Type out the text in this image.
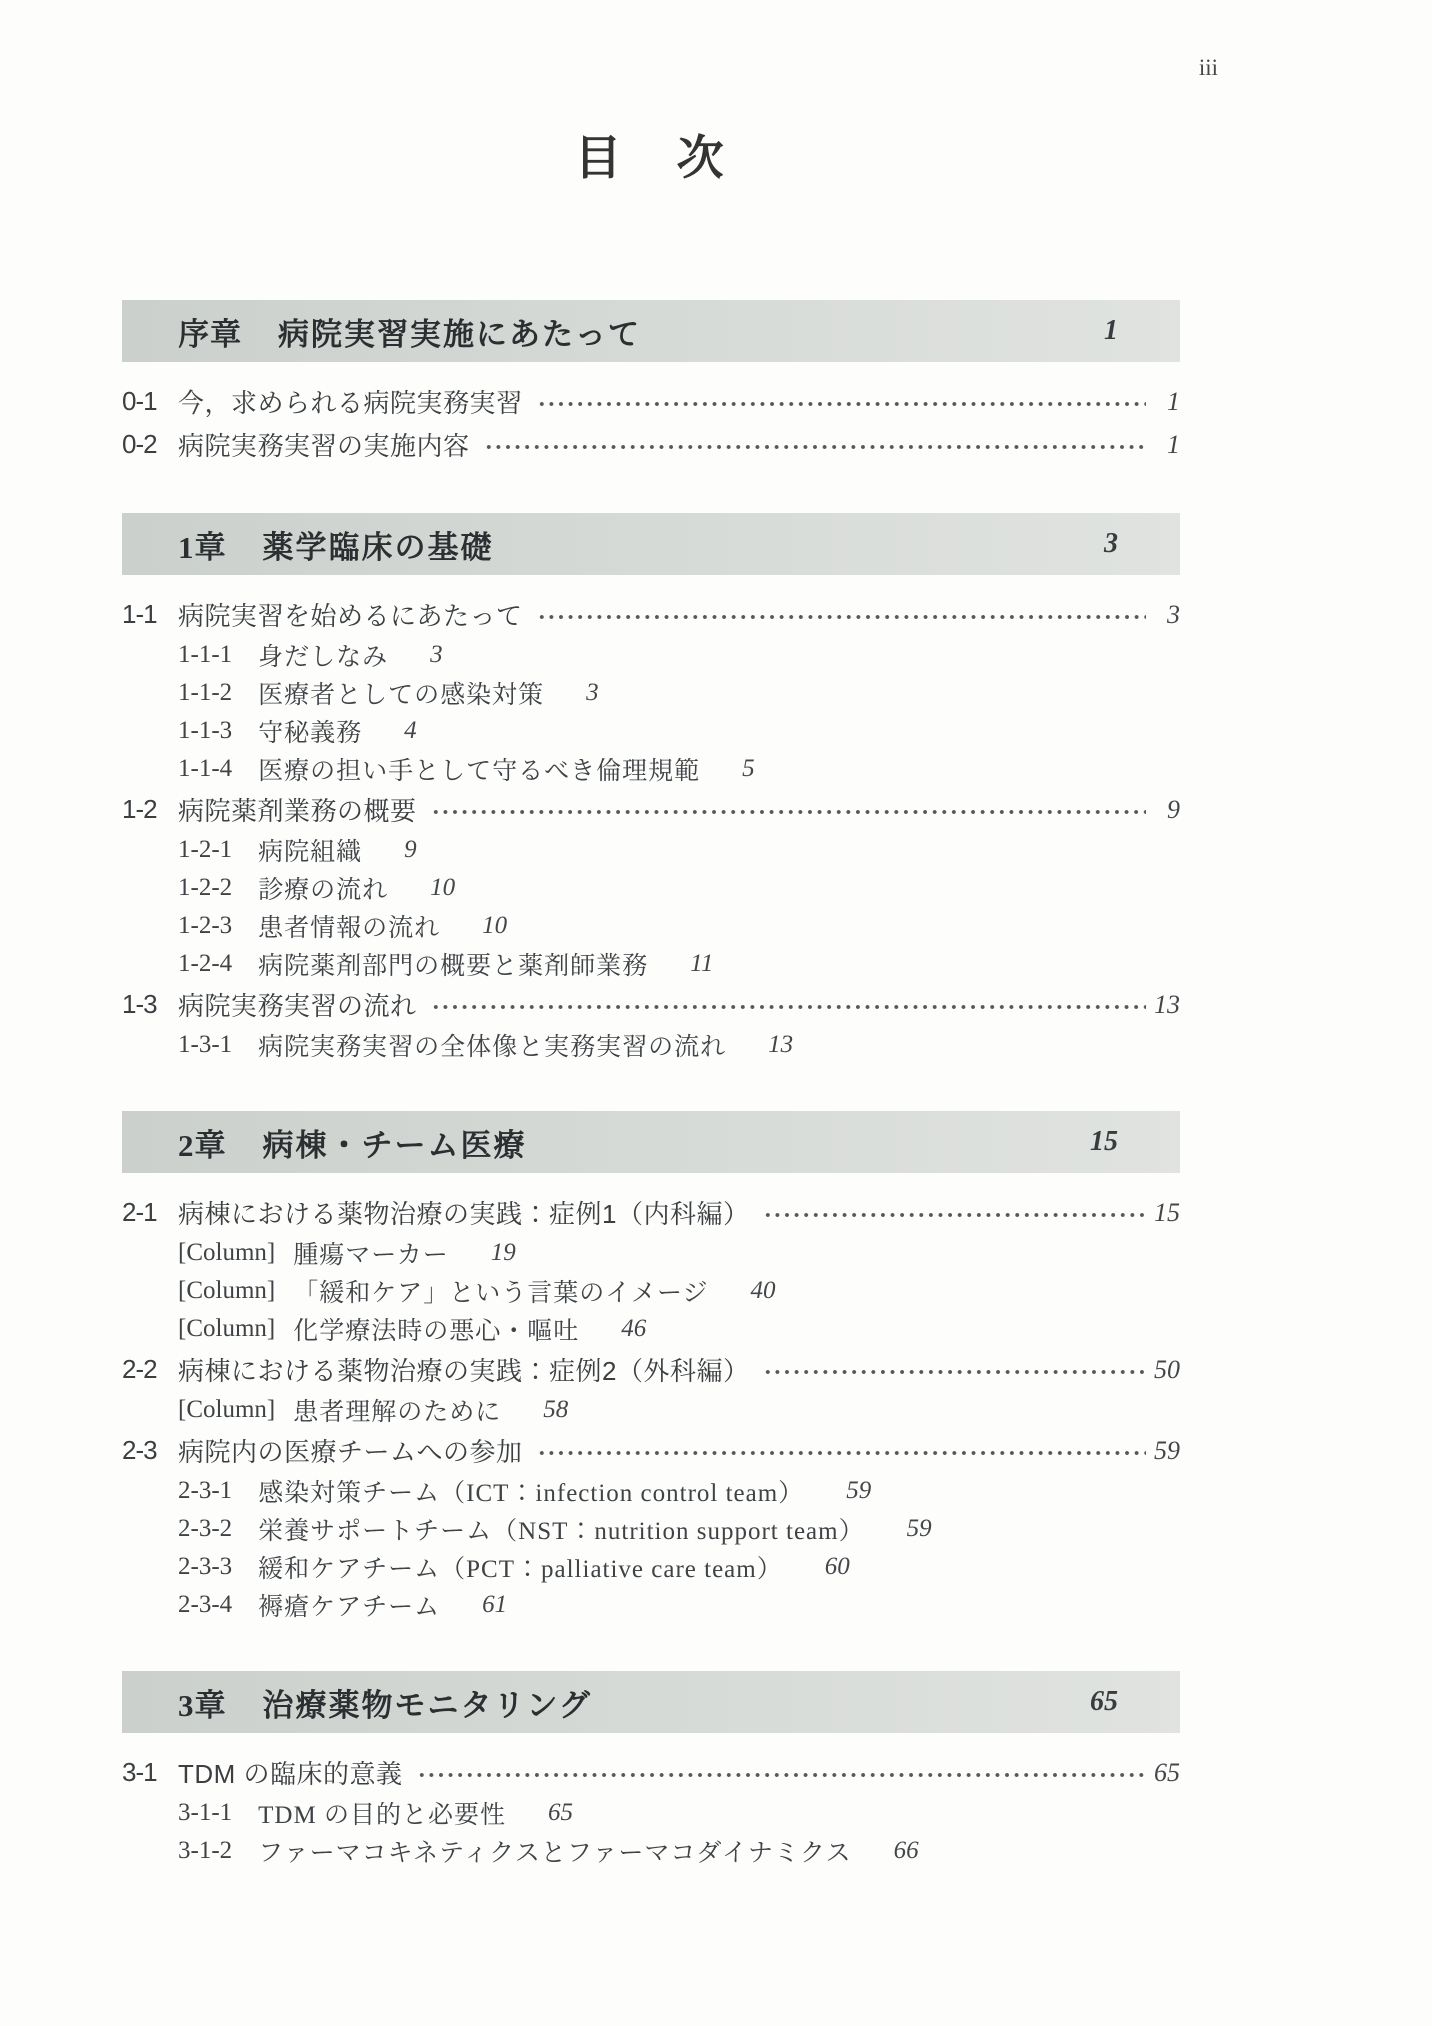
iii
目　次
序章 病院実習実施にあたって	1
0-1 今，求められる病院実務実習	1
0-2 病院実務実習の実施内容	1
1章 薬学臨床の基礎	3
1-1 病院実習を始めるにあたって	3
1-1-1 身だしなみ 3
1-1-2 医療者としての感染対策 3
1-1-3 守秘義務 4
1-1-4 医療の担い手として守るべき倫理規範 5
1-2 病院薬剤業務の概要	9
1-2-1 病院組織 9
1-2-2 診療の流れ 10
1-2-3 患者情報の流れ 10
1-2-4 病院薬剤部門の概要と薬剤師業務 11
1-3 病院実務実習の流れ	13
1-3-1 病院実務実習の全体像と実務実習の流れ 13
2章 病棟・チーム医療	15
2-1 病棟における薬物治療の実践：症例1（内科編）	15
[Column] 腫瘍マーカー 19
[Column] 「緩和ケア」という言葉のイメージ 40
[Column] 化学療法時の悪心・嘔吐 46
2-2 病棟における薬物治療の実践：症例2（外科編）	50
[Column] 患者理解のために 58
2-3 病院内の医療チームへの参加	59
2-3-1 感染対策チーム（ICT：infection control team） 59
2-3-2 栄養サポートチーム（NST：nutrition support team） 59
2-3-3 緩和ケアチーム（PCT：palliative care team） 60
2-3-4 褥瘡ケアチーム 61
3章 治療薬物モニタリング	65
3-1 TDM の臨床的意義	65
3-1-1 TDM の目的と必要性 65
3-1-2 ファーマコキネティクスとファーマコダイナミクス 66
